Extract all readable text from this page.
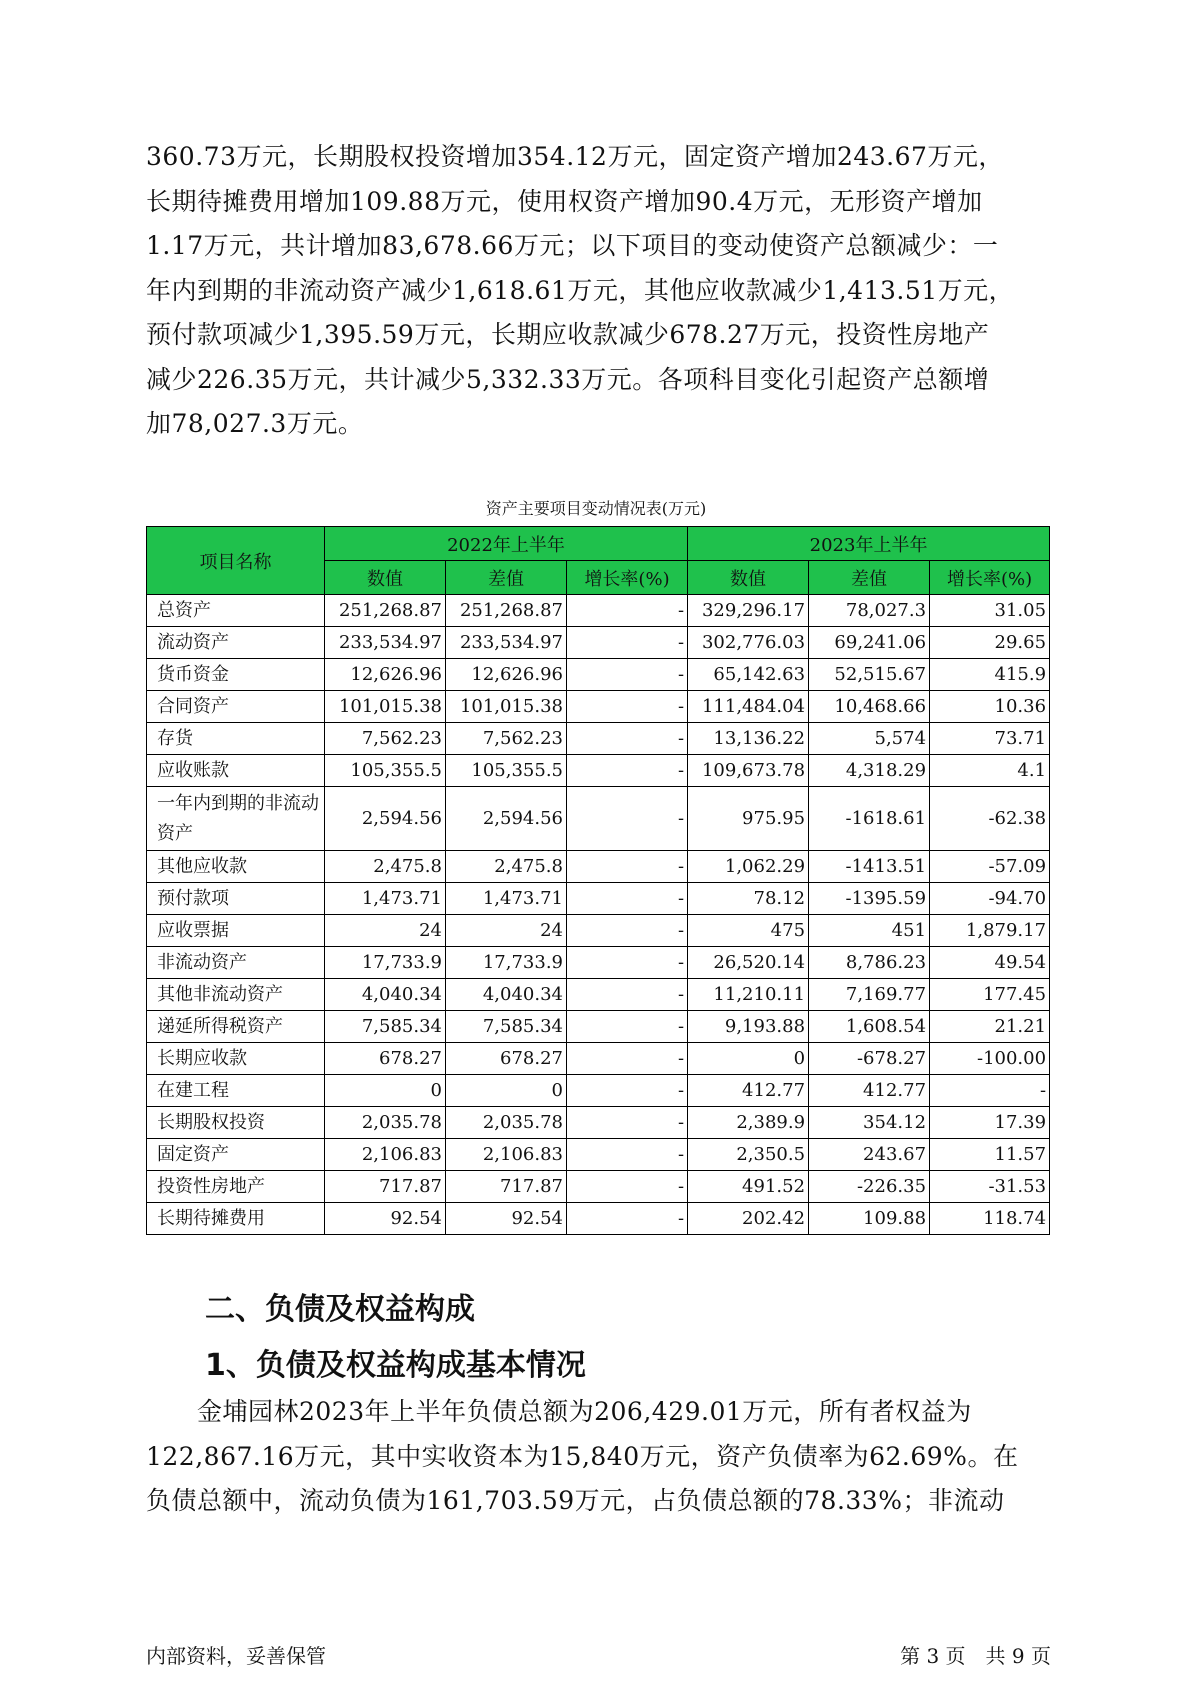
360.73万元，长期股权投资增加354.12万元，固定资产增加243.67万元，
长期待摊费用增加109.88万元，使用权资产增加90.4万元，无形资产增加
1.17万元，共计增加83,678.66万元；以下项目的变动使资产总额减少：一
年内到期的非流动资产减少1,618.61万元，其他应收款减少1,413.51万元，
预付款项减少1,395.59万元，长期应收款减少678.27万元，投资性房地产
减少226.35万元，共计减少5,332.33万元。各项科目变化引起资产总额增
加78,027.3万元。
资产主要项目变动情况表(万元)
项目名称	2022年上半年			2023年上半年		
	数值	差值	增长率(%)	数值	差值	增长率(%)
总资产	251,268.87	251,268.87	-	329,296.17	78,027.3	31.05
流动资产	233,534.97	233,534.97	-	302,776.03	69,241.06	29.65
货币资金	12,626.96	12,626.96	-	65,142.63	52,515.67	415.9
合同资产	101,015.38	101,015.38	-	111,484.04	10,468.66	10.36
存货	7,562.23	7,562.23	-	13,136.22	5,574	73.71
应收账款	105,355.5	105,355.5	-	109,673.78	4,318.29	4.1
一年内到期的非流动资产	2,594.56	2,594.56	-	975.95	-1618.61	-62.38
其他应收款	2,475.8	2,475.8	-	1,062.29	-1413.51	-57.09
预付款项	1,473.71	1,473.71	-	78.12	-1395.59	-94.70
应收票据	24	24	-	475	451	1,879.17
非流动资产	17,733.9	17,733.9	-	26,520.14	8,786.23	49.54
其他非流动资产	4,040.34	4,040.34	-	11,210.11	7,169.77	177.45
递延所得税资产	7,585.34	7,585.34	-	9,193.88	1,608.54	21.21
长期应收款	678.27	678.27	-	0	-678.27	-100.00
在建工程	0	0	-	412.77	412.77	-
长期股权投资	2,035.78	2,035.78	-	2,389.9	354.12	17.39
固定资产	2,106.83	2,106.83	-	2,350.5	243.67	11.57
投资性房地产	717.87	717.87	-	491.52	-226.35	-31.53
长期待摊费用	92.54	92.54	-	202.42	109.88	118.74
二、负债及权益构成
1、负债及权益构成基本情况
　　金埔园林2023年上半年负债总额为206,429.01万元，所有者权益为
122,867.16万元，其中实收资本为15,840万元，资产负债率为62.69%。在
负债总额中，流动负债为161,703.59万元，占负债总额的78.33%；非流动
内部资料，妥善保管	第 3 页　共 9 页
